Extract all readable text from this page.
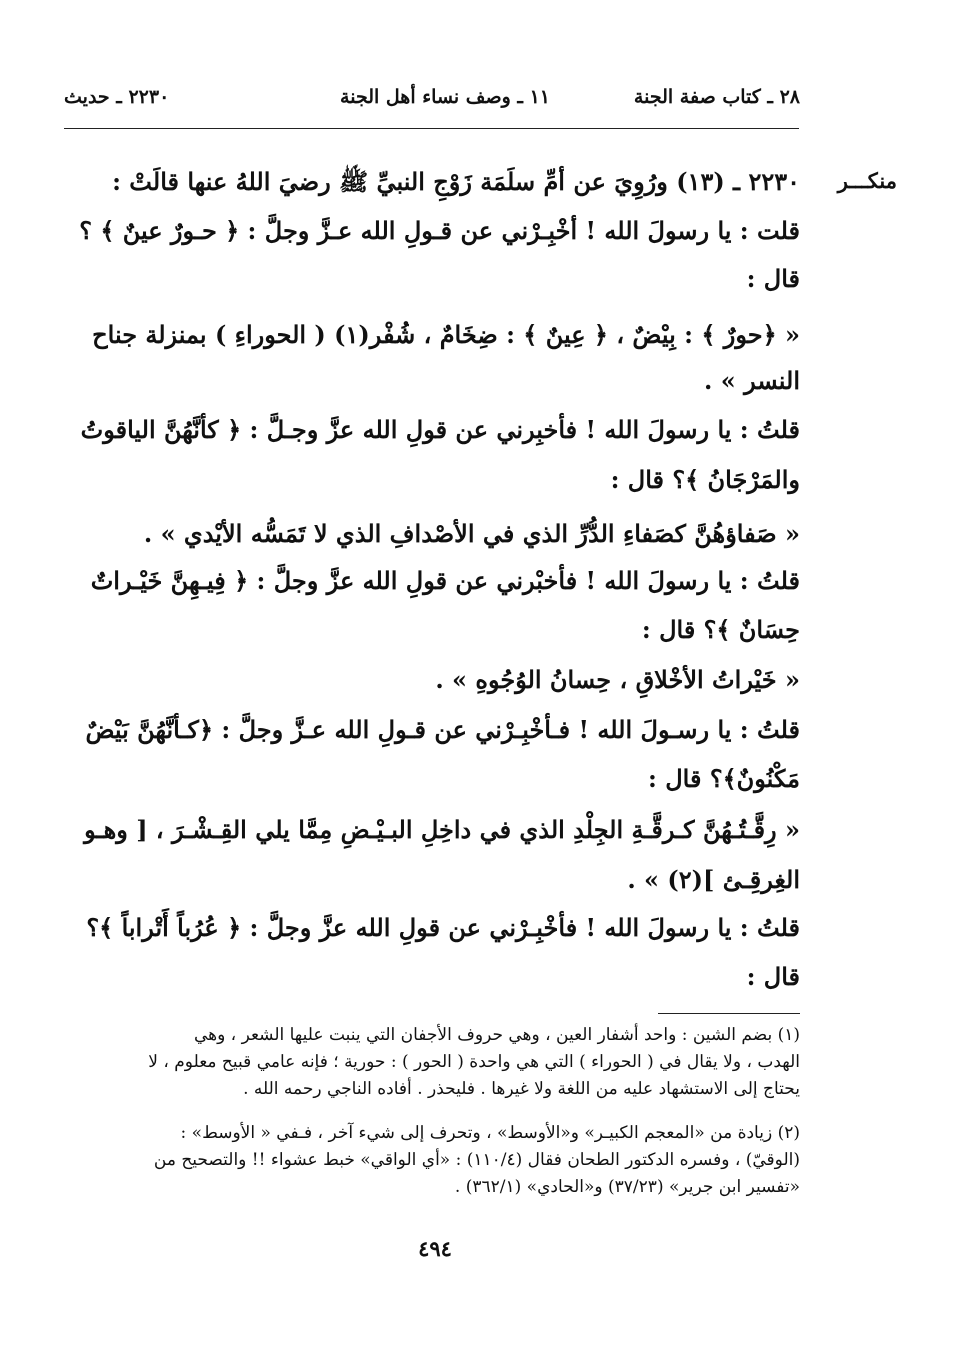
٢٨ ـ كتاب صفة الجنة
١١ ـ وصف نساء أهل الجنة
٢٢٣٠ ـ حديث
منكـــر
٢٢٣٠ ـ (١٣) ورُوِيَ عن أمِّ سلَمَة زَوْجِ النبيِّ ﷺ رضيَ اللهُ عنها قالَتْ :
قلت : يا رسولَ الله ! أخْبِـرْني عن قـولِ الله عـزَّ وجلَّ : ﴿ حـورٌ عينٌ ﴾ ؟
قال :
« ﴿حورٌ ﴾ : بِيْضٌ ، ﴿ عِينٌ ﴾ : ضِخَامٌ ، شُفْر(١) ( الحوراءِ ) بمنزلة جناح
النسر » .
قلتُ : يا رسولَ الله ! فأخبِرني عن قولِ الله عزَّ وجـلَّ : ﴿ كأنَّهُنَّ الياقوتُ
والمَرْجَانُ ﴾؟ قال :
« صَفاؤهُنَّ كصَفاءِ الدُّرِّ الذي في الأصْدافِ الذي لا تَمَسُّه الأيْدي » .
قلتُ : يا رسولَ الله ! فأخبْرني عن قولِ الله عزَّ وجلَّ : ﴿ فِيـهِنَّ خَيْـراتٌ
حِسَانٌ ﴾؟ قال :
« خَيْراتُ الأخْلاقِ ، حِسانُ الوُجُوهِ » .
قلتُ : يا رسـولَ الله ! فـأخْبِـرْني عن قـولِ الله عـزَّ وجلَّ : ﴿كـأنَّهُنَّ بَيْضٌ
مَكْنُونٌ﴾؟ قال :
« رِقَّـتُـهُنَّ كـرقَّـةِ الجِلْدِ الذي في داخِلِ البـيْـضِ مِمَّا يلي القِـشْـرَ ، [ وهـو
الغِرقِـئ ](٢) » .
قلتُ : يا رسولَ الله ! فأخْبِـرْني عن قولِ الله عزَّ وجلَّ : ﴿ عُرُباً أَتْراباً ﴾؟
قال :
(١) بضم الشين : واحد أشفار العين ، وهي حروف الأجفان التي ينبت عليها الشعر ، وهي
الهدب ، ولا يقال في ( الحوراء ) التي هي واحدة ( الحور ) : حورية ؛ فإنه عامي قبيح معلوم ، لا
يحتاج إلى الاستشهاد عليه من اللغة ولا غيرها . فليحذر . أفاده الناجي رحمه الله .
(٢) زيادة من «المعجم الكبيـر» و«الأوسط» ، وتحرف إلى شيء آخر ، فـفي « الأوسط» :
(الوقيّ) ، وفسره الدكتور الطحان فقال (١١٠/٤) : «أي الواقي» خبط عشواء !! والتصحيح من
«تفسير ابن جرير» (٣٧/٢٣) و«الحادي» (٣٦٢/١) .
٤٩٤
